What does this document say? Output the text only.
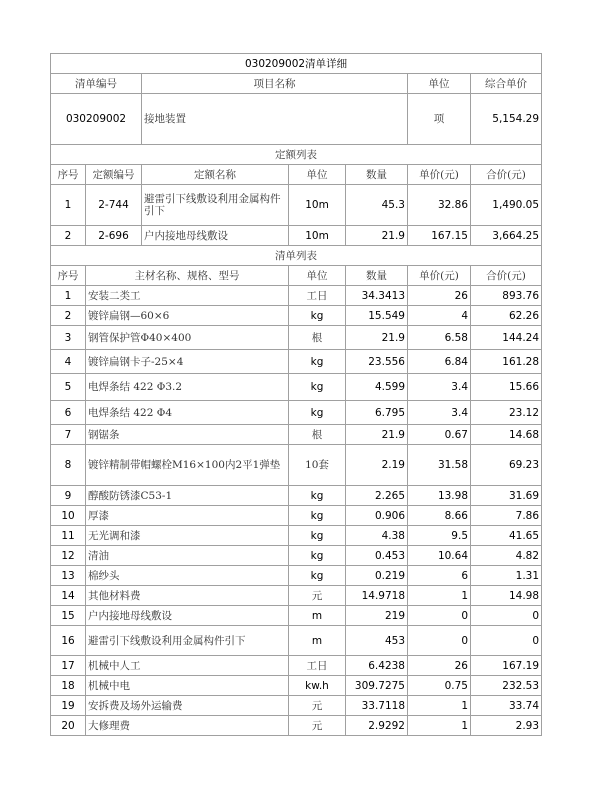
030209002清单详细						
清单编号		项目名称			单位	综合单价
030209002		接地装置			项	5,154.29
定额列表						
序号	定额编号	定额名称	单位	数量	单价(元)	合价(元)
1	2-744	避雷引下线敷设利用金属构件引下	10m	45.3	32.86	1,490.05
2	2-696	户内接地母线敷设	10m	21.9	167.15	3,664.25
清单列表						
序号	主材名称、规格、型号		单位	数量	单价(元)	合价(元)
1	安装二类工		工日	34.3413	26	893.76
2	镀锌扁钢—60×6		kg	15.549	4	62.26
3	钢管保护管Φ40×400		根	21.9	6.58	144.24
4	镀锌扁钢卡子-25×4		kg	23.556	6.84	161.28
5	电焊条结 422 Φ3.2		kg	4.599	3.4	15.66
6	电焊条结 422 Φ4		kg	6.795	3.4	23.12
7	钢锯条		根	21.9	0.67	14.68
8	镀锌精制带帽螺栓M16×100内2平1弹垫		10套	2.19	31.58	69.23
9	醇酸防锈漆C53-1		kg	2.265	13.98	31.69
10	厚漆		kg	0.906	8.66	7.86
11	无光调和漆		kg	4.38	9.5	41.65
12	清油		kg	0.453	10.64	4.82
13	棉纱头		kg	0.219	6	1.31
14	其他材料费		元	14.9718	1	14.98
15	户内接地母线敷设		m	219	0	0
16	避雷引下线敷设利用金属构件引下		m	453	0	0
17	机械中人工		工日	6.4238	26	167.19
18	机械中电		kw.h	309.7275	0.75	232.53
19	安拆费及场外运输费		元	33.7118	1	33.74
20	大修理费		元	2.9292	1	2.93
